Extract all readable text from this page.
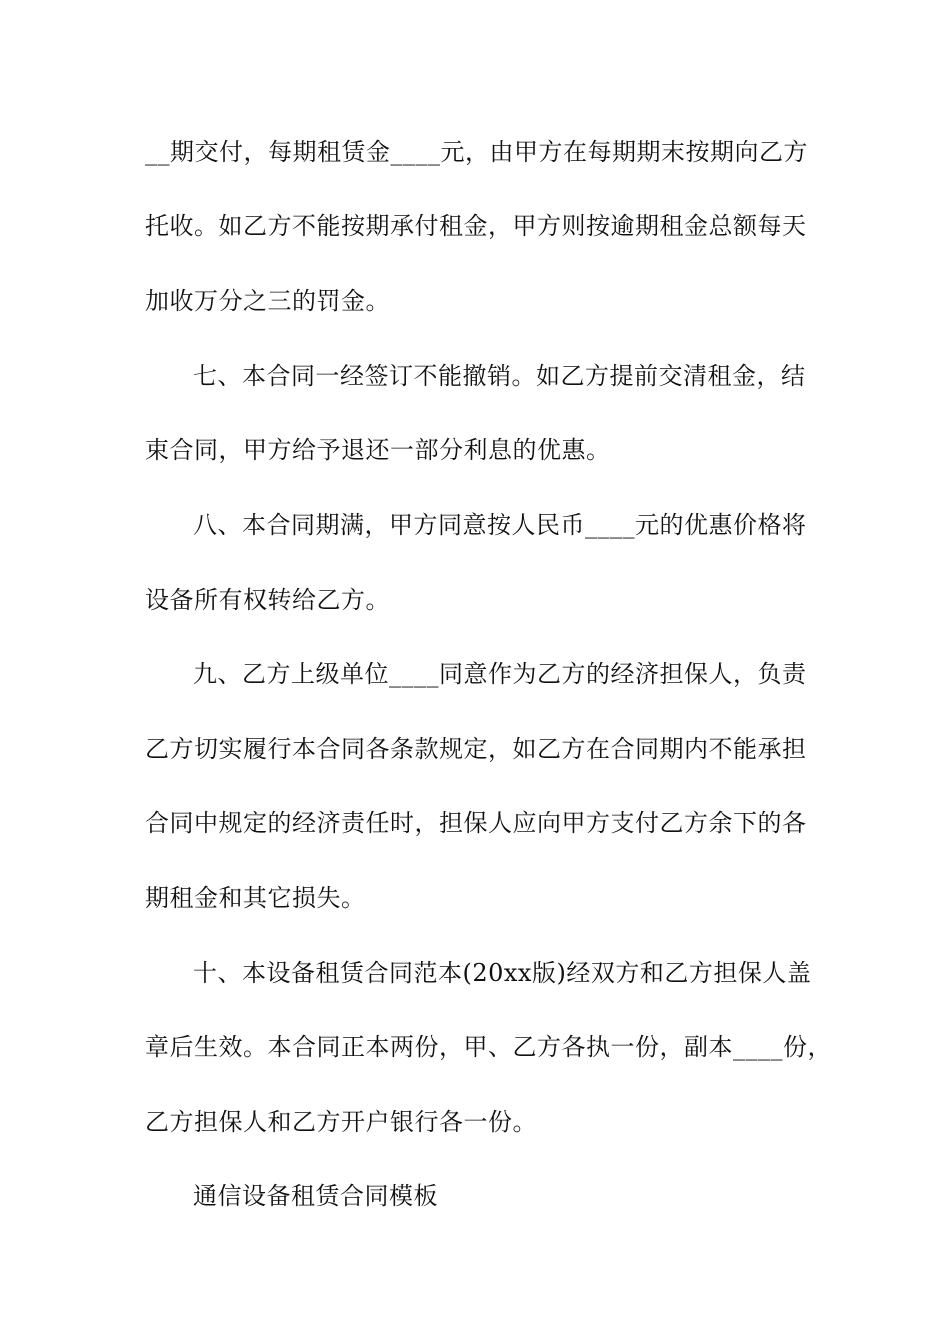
__期交付，每期租赁金____元，由甲方在每期期末按期向乙方
托收。如乙方不能按期承付租金，甲方则按逾期租金总额每天
加收万分之三的罚金。
七、本合同一经签订不能撤销。如乙方提前交清租金，结
束合同，甲方给予退还一部分利息的优惠。
八、本合同期满，甲方同意按人民币____元的优惠价格将
设备所有权转给乙方。
九、乙方上级单位____同意作为乙方的经济担保人，负责
乙方切实履行本合同各条款规定，如乙方在合同期内不能承担
合同中规定的经济责任时，担保人应向甲方支付乙方余下的各
期租金和其它损失。
十、本设备租赁合同范本(20xx版)经双方和乙方担保人盖
章后生效。本合同正本两份，甲、乙方各执一份，副本____份，
乙方担保人和乙方开户银行各一份。
通信设备租赁合同模板
